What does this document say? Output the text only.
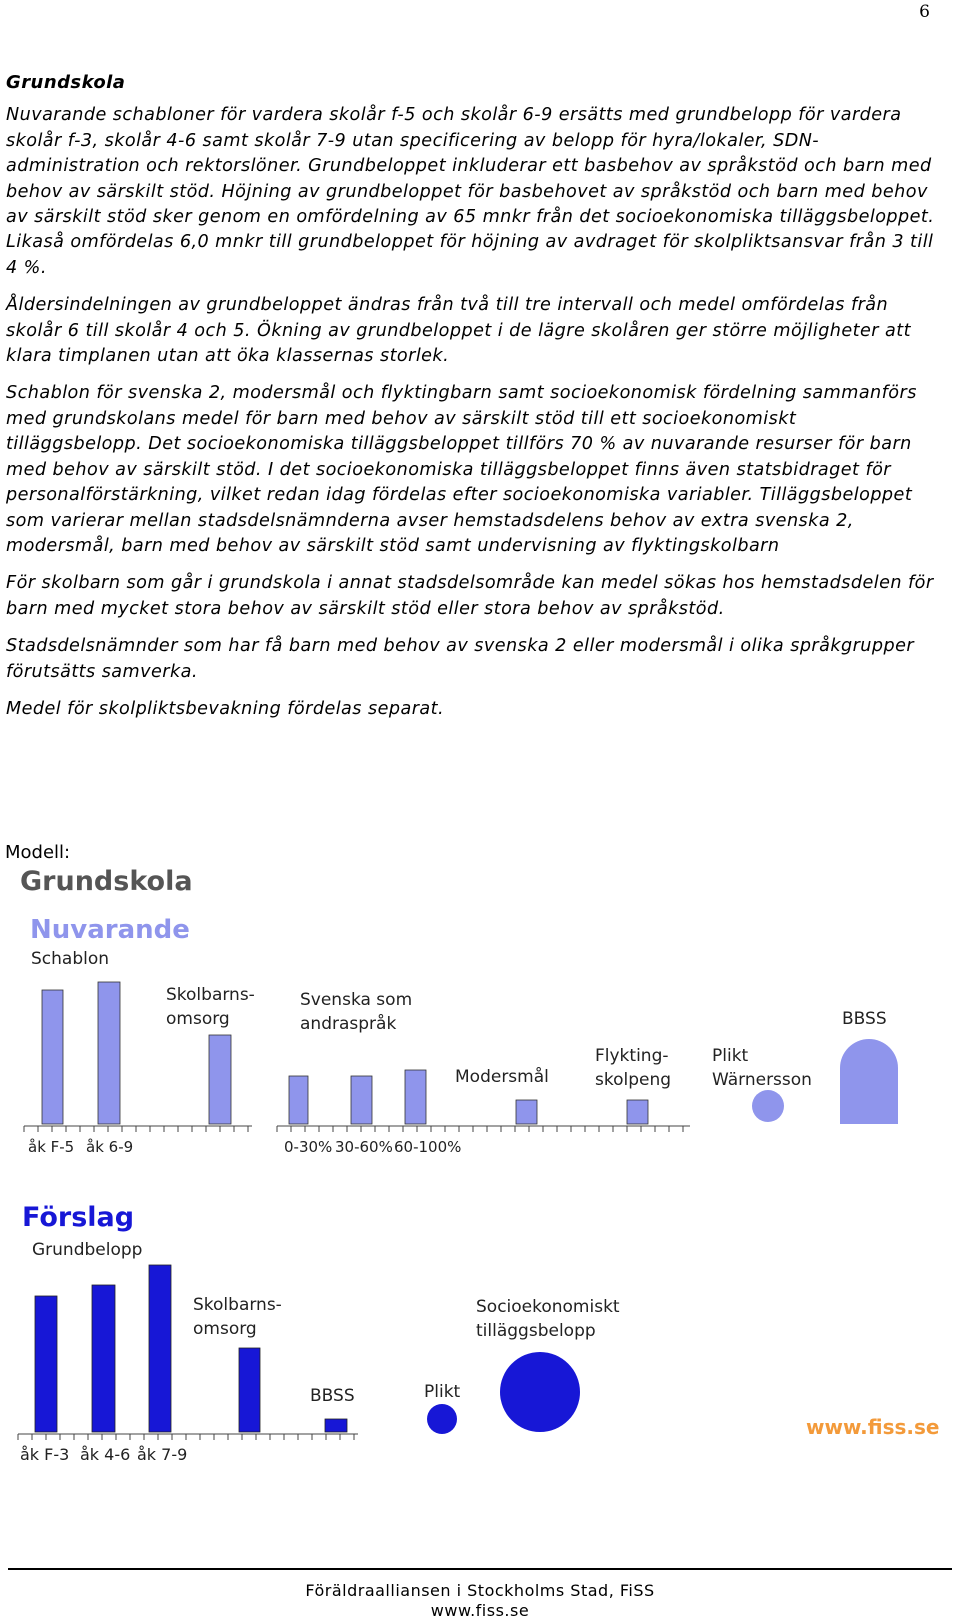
6
Grundskola

Nuvarande schabloner för vardera skolår f-5 och skolår 6-9 ersätts med grundbelopp för vardera skolår f-3, skolår 4-6 samt skolår 7-9 utan specificering av belopp för hyra/lokaler, SDN-administration och rektorslöner. Grundbeloppet inkluderar ett basbehov av språkstöd och barn med behov av särskilt stöd. Höjning av grundbeloppet för basbehovet av språkstöd och barn med behov av särskilt stöd sker genom en omfördelning av 65 mnkr från det socioekonomiska tilläggsbeloppet. Likaså omfördelas 6,0 mnkr till grundbeloppet för höjning av avdraget för skolpliktsansvar från 3 till 4 %.

Åldersindelningen av grundbeloppet ändras från två till tre intervall och medel omfördelas från skolår 6 till skolår 4 och 5. Ökning av grundbeloppet i de lägre skolåren ger större möjligheter att klara timplanen utan att öka klassernas storlek.

Schablon för svenska 2, modersmål och flyktingbarn samt socioekonomisk fördelning sammanförs med grundskolans medel för barn med behov av särskilt stöd till ett socioekonomiskt tilläggsbelopp. Det socioekonomiska tilläggsbeloppet tillförs 70 % av nuvarande resurser för barn med behov av särskilt stöd. I det socioekonomiska tilläggsbeloppet finns även statsbidraget för personalförstärkning, vilket redan idag fördelas efter socioekonomiska variabler. Tilläggsbeloppet som varierar mellan stadsdelsnämnderna avser hemstadsdelens behov av extra svenska 2, modersmål, barn med behov av särskilt stöd samt undervisning av flyktingskolbarn

För skolbarn som går i grundskola i annat stadsdelsområde kan medel sökas hos hemstadsdelen för barn med mycket stora behov av särskilt stöd eller stora behov av språkstöd.

Stadsdelsnämnder som har få barn med behov av svenska 2 eller modersmål i olika språkgrupper förutsätts samverka.

Medel för skolpliktsbevakning fördelas separat.

Modell:
Grundskola
Nuvarande
Schablon
åk F-5 åk 6-9
Skolbarns-
omsorg
Svenska som
andraspråk
0-30% 30-60% 60-100%
Modersmål
Flykting-
skolpeng
Plikt
Wärnersson
BBSS
Förslag
Grundbelopp
åk F-3 åk 4-6 åk 7-9
Skolbarns-
omsorg
BBSS	Plikt
Socioekonomiskt
tilläggsbelopp
www.fiss.se
Föräldraalliansen i Stockholms Stad, FiSS
www.fiss.se
